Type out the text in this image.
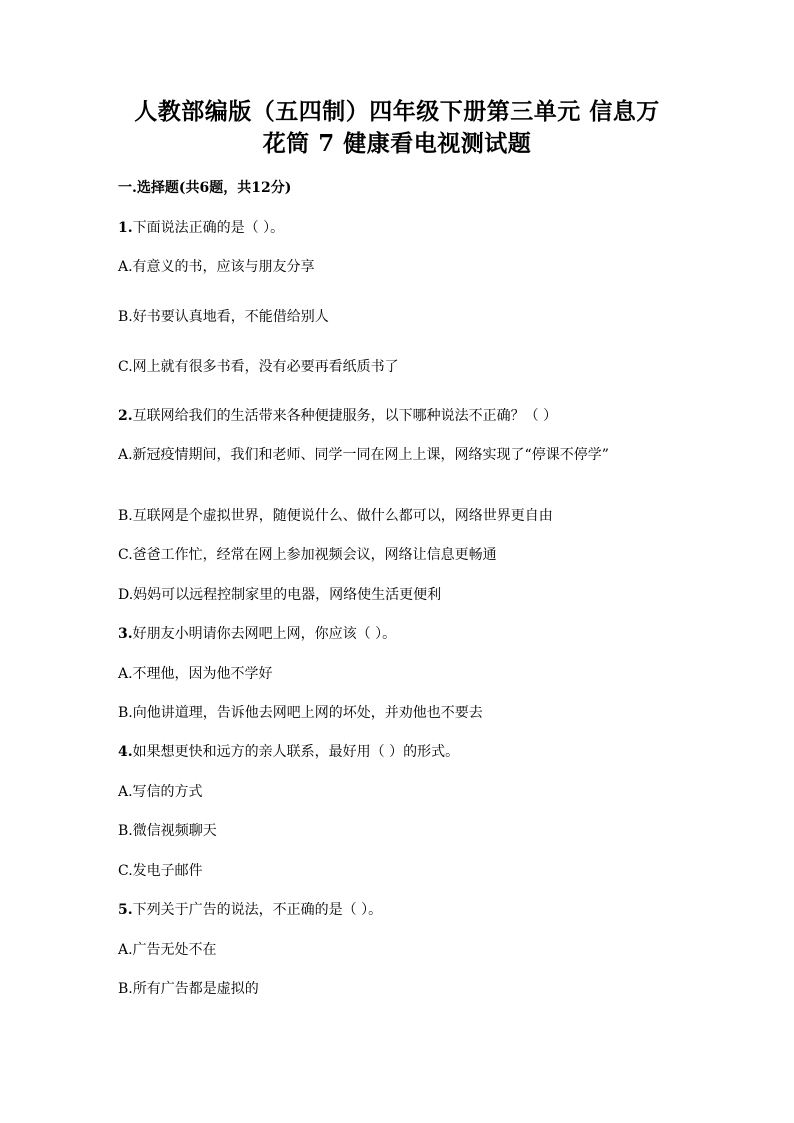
人教部编版（五四制）四年级下册第三单元 信息万
花筒 7 健康看电视测试题
一.选择题(共6题，共12分)
1.下面说法正确的是（ ）。
A.有意义的书，应该与朋友分享
B.好书要认真地看，不能借给别人
C.网上就有很多书看，没有必要再看纸质书了
2.互联网给我们的生活带来各种便捷服务，以下哪种说法不正确？（ ）
A.新冠疫情期间，我们和老师、同学一同在网上上课，网络实现了“停课不停学”
B.互联网是个虚拟世界，随便说什么、做什么都可以，网络世界更自由
C.爸爸工作忙，经常在网上参加视频会议，网络让信息更畅通
D.妈妈可以远程控制家里的电器，网络使生活更便利
3.好朋友小明请你去网吧上网，你应该（ ）。
A.不理他，因为他不学好
B.向他讲道理，告诉他去网吧上网的坏处，并劝他也不要去
4.如果想更快和远方的亲人联系，最好用（ ）的形式。
A.写信的方式
B.微信视频聊天
C.发电子邮件
5.下列关于广告的说法，不正确的是（ ）。
A.广告无处不在
B.所有广告都是虚拟的
